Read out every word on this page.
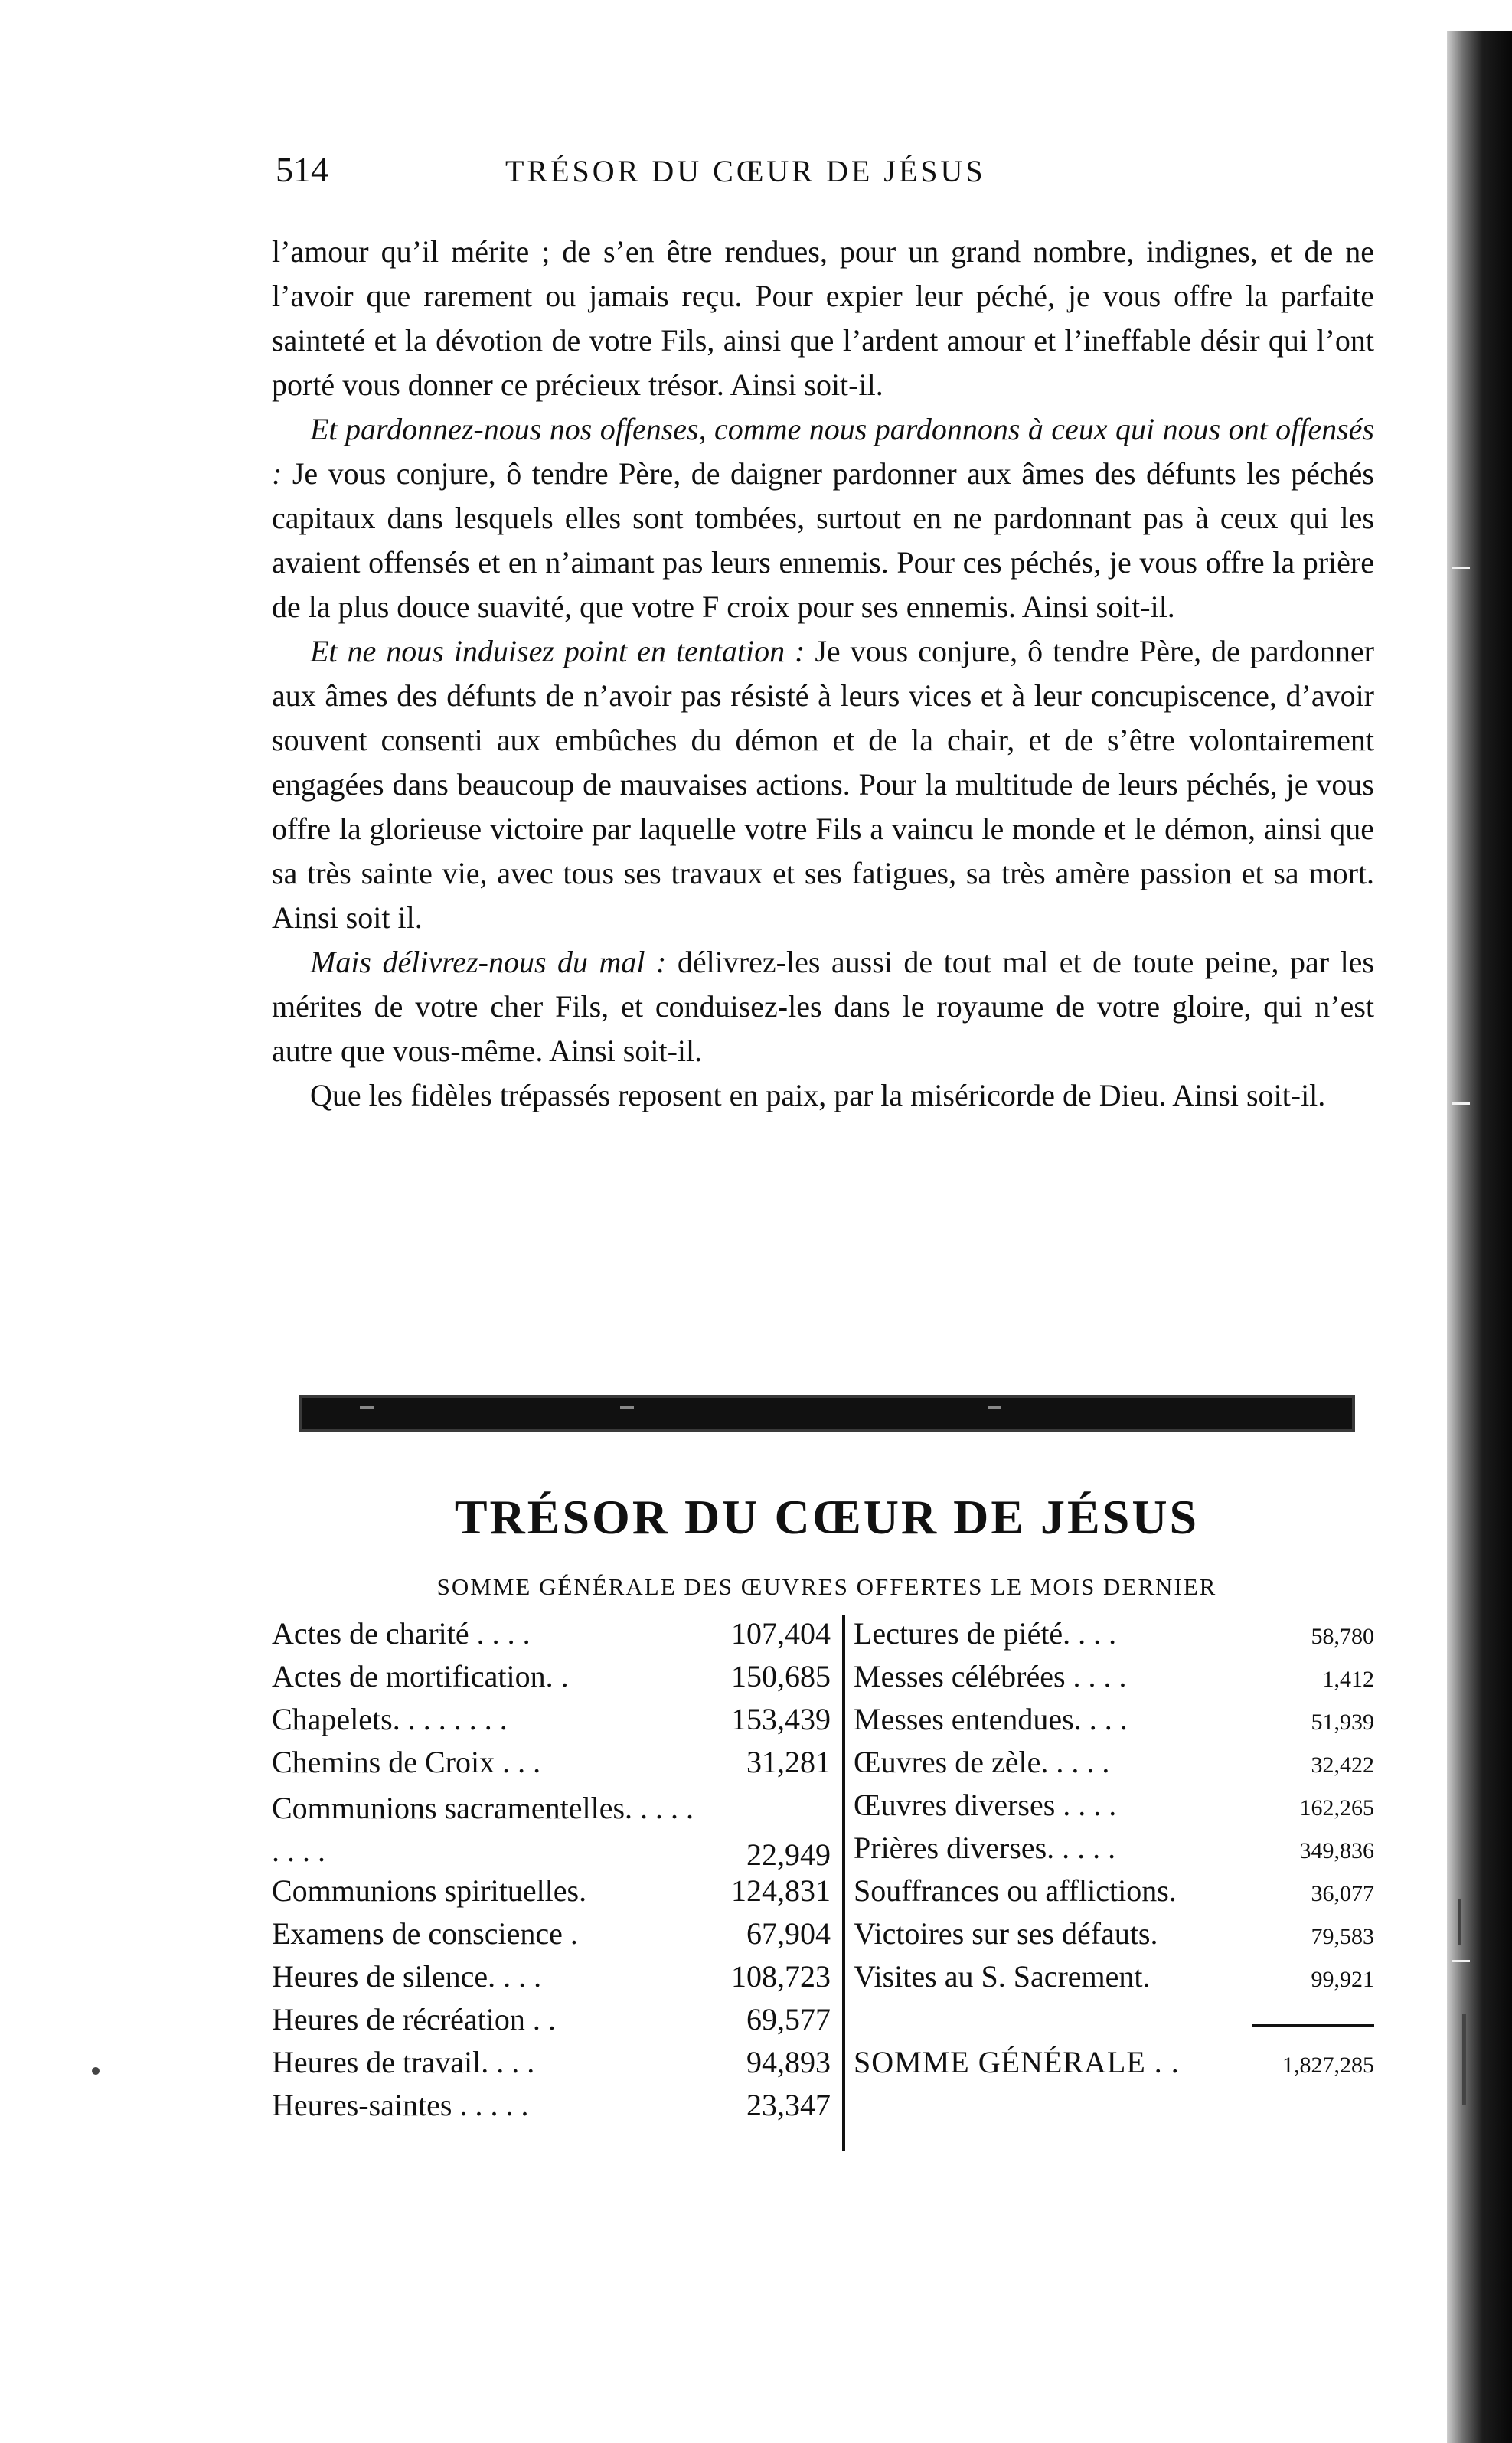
514	TRÉSOR DU CŒUR DE JÉSUS

l’amour qu’il mérite ; de s’en être rendues, pour un grand nombre, indignes, et de ne l’avoir que rarement ou jamais reçu. Pour expier leur péché, je vous offre la parfaite sainteté et la dévotion de votre Fils, ainsi que l’ardent amour et l’ineffable désir qui l’ont porté vous donner ce précieux trésor. Ainsi soit-il.

Et pardonnez-nous nos offenses, comme nous pardonnons à ceux qui nous ont offensés : Je vous conjure, ô tendre Père, de daigner pardonner aux âmes des défunts les péchés capitaux dans lesquels elles sont tombées, surtout en ne pardonnant pas à ceux qui les avaient offensés et en n’aimant pas leurs ennemis. Pour ces péchés, je vous offre la prière de la plus douce suavité, que votre F croix pour ses ennemis. Ainsi soit-il.

Et ne nous induisez point en tentation : Je vous conjure, ô tendre Père, de pardonner aux âmes des défunts de n’avoir pas résisté à leurs vices et à leur concupiscence, d’avoir souvent consenti aux embûches du démon et de la chair, et de s’être volontairement engagées dans beaucoup de mauvaises actions. Pour la multitude de leurs péchés, je vous offre la glorieuse victoire par laquelle votre Fils a vaincu le monde et le démon, ainsi que sa très sainte vie, avec tous ses travaux et ses fatigues, sa très amère passion et sa mort. Ainsi soit il.

Mais délivrez-nous du mal : délivrez-les aussi de tout mal et de toute peine, par les mérites de votre cher Fils, et conduisez-les dans le royaume de votre gloire, qui n’est autre que vous-même. Ainsi soit-il.

Que les fidèles trépassés reposent en paix, par la miséricorde de Dieu. Ainsi soit-il.

TRÉSOR DU CŒUR DE JÉSUS
SOMME GÉNÉRALE DES ŒUVRES OFFERTES LE MOIS DERNIER
Actes de charité . . . .	107,404
Actes de mortification. .	150,685
Chapelets. . . . . . . .	153,439
Chemins de Croix . . .	31,281
Communions sacramentelles. . . . . . . . .	22,949
Communions spirituelles.	124,831
Examens de conscience .	67,904
Heures de silence. . . .	108,723
Heures de récréation . .	69,577
Heures de travail. . . .	94,893
Heures-saintes . . . . .	23,347
Lectures de piété. . . .	58,780
Messes célébrées . . . .	1,412
Messes entendues. . . .	51,939
Œuvres de zèle. . . . .	32,422
Œuvres diverses . . . .	162,265
Prières diverses. . . . .	349,836
Souffrances ou afflictions.	36,077
Victoires sur ses défauts.	79,583
Visites au S. Sacrement.	99,921
SOMME GÉNÉRALE . .	1,827,285
